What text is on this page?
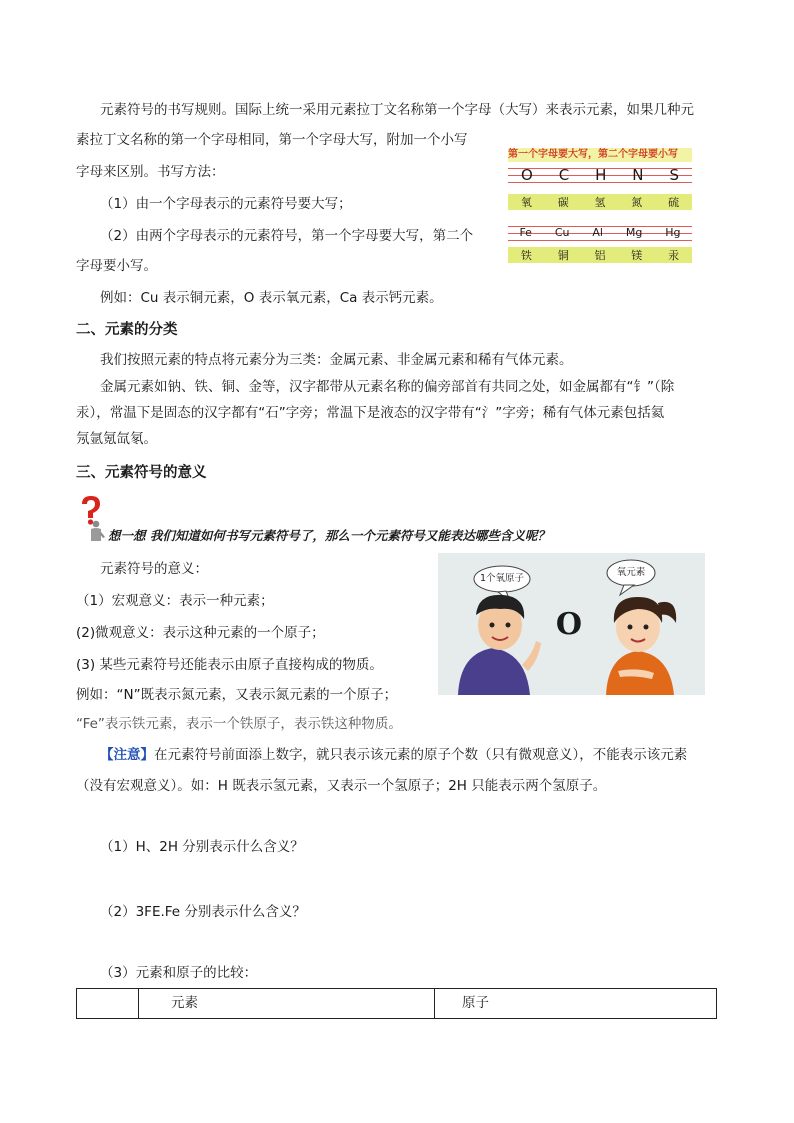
元素符号的书写规则。国际上统一采用元素拉丁文名称第一个字母（大写）来表示元素，如果几种元
素拉丁文名称的第一个字母相同，第一个字母大写，附加一个小写
字母来区别。书写方法：
（1）由一个字母表示的元素符号要大写；
（2）由两个字母表示的元素符号，第一个字母要大写，第二个
字母要小写。
例如：Cu 表示铜元素，O 表示氧元素，Ca 表示钙元素。
第一个字母要大写，第二个字母要小写
O C H N S
氧 碳 氢 氮 硫
Fe Cu Al Mg Hg
铁 铜 铝 镁 汞
二、元素的分类
我们按照元素的特点将元素分为三类：金属元素、非金属元素和稀有气体元素。
金属元素如钠、铁、铜、金等，汉字都带从元素名称的偏旁部首有共同之处，如金属都有“钅”（除
汞），常温下是固态的汉字都有“石”字旁；常温下是液态的汉字带有“氵”字旁；稀有气体元素包括氦
氖氩氪氙氡。
三、元素符号的意义
想一想 我们知道如何书写元素符号了，那么一个元素符号又能表达哪些含义呢？
元素符号的意义：
（1）宏观意义：表示一种元素；
(2)微观意义：表示这种元素的一个原子；
(3) 某些元素符号还能表示由原子直接构成的物质。
例如：“N”既表示氮元素，又表示氮元素的一个原子；
“Fe”表示铁元素，表示一个铁原子，表示铁这种物质。
1个氧原子
氧元素
O
【注意】在元素符号前面添上数字，就只表示该元素的原子个数（只有微观意义），不能表示该元素
（没有宏观意义）。如：H 既表示氢元素，又表示一个氢原子；2H 只能表示两个氢原子。
（1）H、2H 分别表示什么含义？
（2）3FE.Fe 分别表示什么含义？
（3）元素和原子的比较：
元素	原子
